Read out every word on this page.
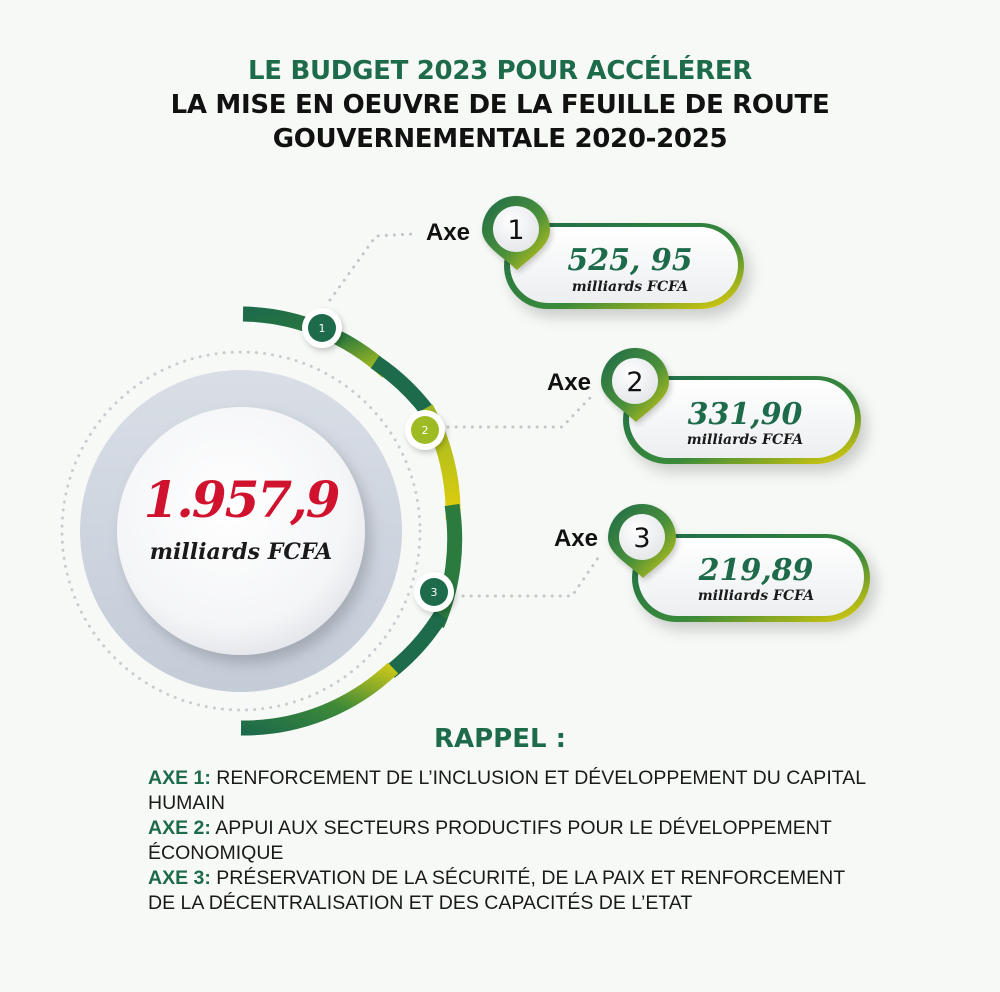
LE BUDGET 2023 POUR ACCÉLÉRER
LA MISE EN OEUVRE DE LA FEUILLE DE ROUTE
GOUVERNEMENTALE 2020-2025
1
2
3
1.957,9
milliards FCFA
1
Axe
525, 95
milliards FCFA
2
Axe
331,90
milliards FCFA
3
Axe
219,89
milliards FCFA
RAPPEL :

AXE 1: RENFORCEMENT DE L’INCLUSION ET DÉVELOPPEMENT DU CAPITAL HUMAIN

AXE 2: APPUI AUX SECTEURS PRODUCTIFS POUR LE DÉVELOPPEMENT ÉCONOMIQUE

AXE 3: PRÉSERVATION DE LA SÉCURITÉ, DE LA PAIX ET RENFORCEMENT DE LA DÉCENTRALISATION ET DES CAPACITÉS DE L’ETAT
